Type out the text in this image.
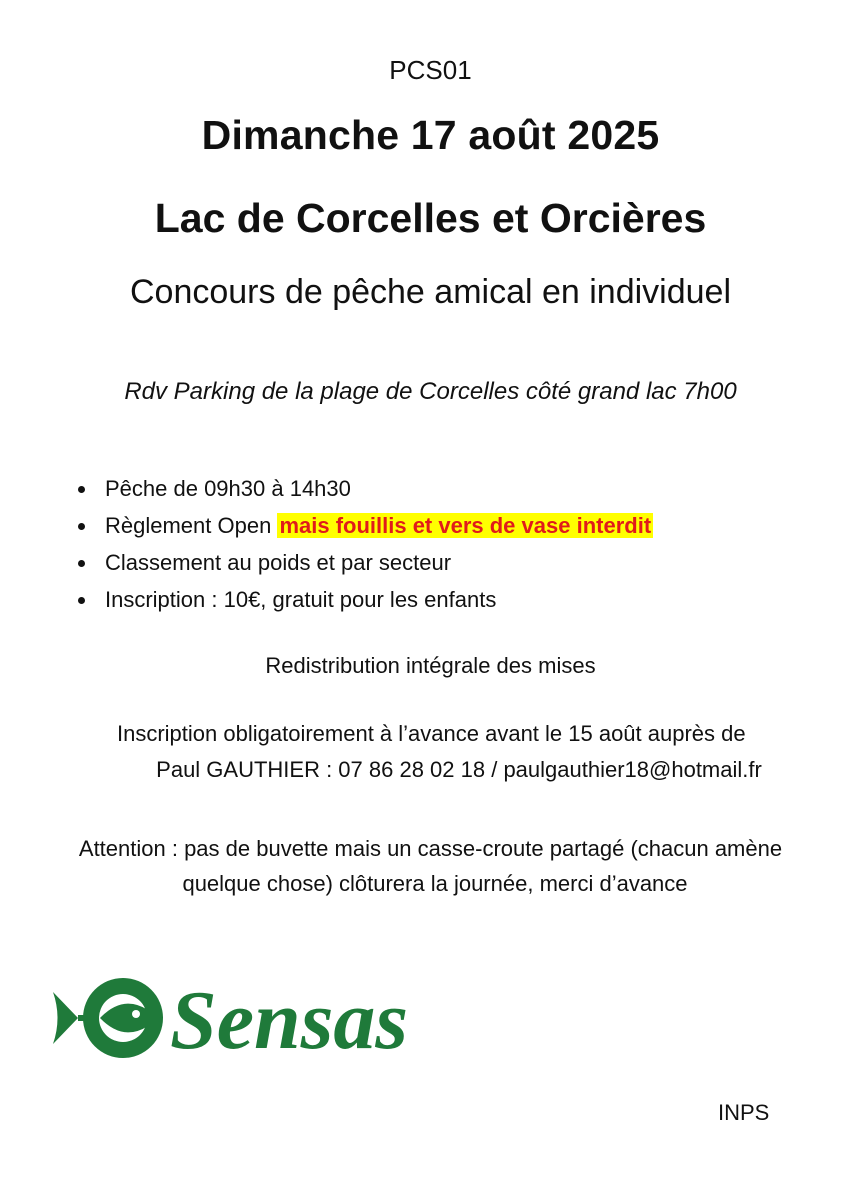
PCS01
Dimanche 17 août 2025
Lac de Corcelles et Orcières
Concours de pêche amical en individuel
Rdv Parking de la plage de Corcelles côté grand lac 7h00
Pêche de 09h30 à 14h30
Règlement Open mais fouillis et vers de vase interdit
Classement au poids et par secteur
Inscription : 10€, gratuit pour les enfants
Redistribution intégrale des mises
Inscription obligatoirement à l’avance avant le 15 août auprès de
Paul GAUTHIER : 07 86 28 02 18 / paulgauthier18@hotmail.fr
Attention : pas de buvette mais un casse-croute partagé (chacun amène
quelque chose) clôturera la journée, merci d’avance
Sensas
INPS
